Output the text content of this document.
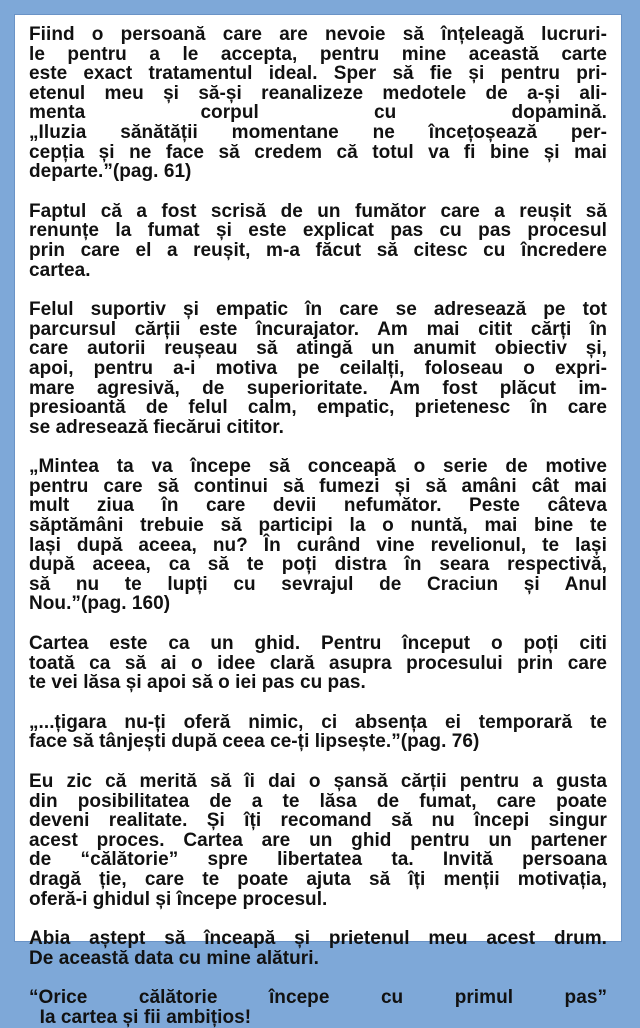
Fiind o persoană care are nevoie să înțeleagă lucruri-
le pentru a le accepta, pentru mine această carte
este exact tratamentul ideal. Sper să fie și pentru pri-
etenul meu și să-și reanalizeze medotele de a-și ali-
menta corpul cu dopamină.
„Iluzia sănătății momentane ne încețoșează per-
cepția și ne face să credem că totul va fi bine și mai
departe.”(pag. 61)

Faptul că a fost scrisă de un fumător care a reușit să
renunțe la fumat și este explicat pas cu pas procesul
prin care el a reușit, m-a făcut să citesc cu încredere
cartea.

Felul suportiv și empatic în care se adresează pe tot
parcursul cărții este încurajator. Am mai citit cărți în
care autorii reușeau să atingă un anumit obiectiv și,
apoi, pentru a-i motiva pe ceilalți, foloseau o expri-
mare agresivă, de superioritate. Am fost plăcut im-
presioantă de felul calm, empatic, prietenesc în care
se adresează fiecărui cititor.

„Mintea ta va începe să conceapă o serie de motive
pentru care să continui să fumezi și să amâni cât mai
mult ziua în care devii nefumător. Peste câteva
săptămâni trebuie să participi la o nuntă, mai bine te
lași după aceea, nu? În curând vine revelionul, te lași
după aceea, ca să te poți distra în seara respectivă,
să nu te lupți cu sevrajul de Craciun și Anul
Nou.”(pag. 160)

Cartea este ca un ghid. Pentru început o poți citi
toată ca să ai o idee clară asupra procesului prin care
te vei lăsa și apoi să o iei pas cu pas.

„...țigara nu-ți oferă nimic, ci absența ei temporară te
face să tânjești după ceea ce-ți lipsește.”(pag. 76)

Eu zic că merită să îi dai o șansă cărții pentru a gusta
din posibilitatea de a te lăsa de fumat, care poate
deveni realitate. Și îți recomand să nu începi singur
acest proces. Cartea are un ghid pentru un partener
de “călătorie” spre libertatea ta. Invită persoana
dragă ție, care te poate ajuta să îți menții motivația,
oferă-i ghidul și începe procesul.

Abia aștept să înceapă și prietenul meu acest drum.
De această data cu mine alături.

“Orice călătorie începe cu primul pas”
Ia cartea și fii ambițios!
